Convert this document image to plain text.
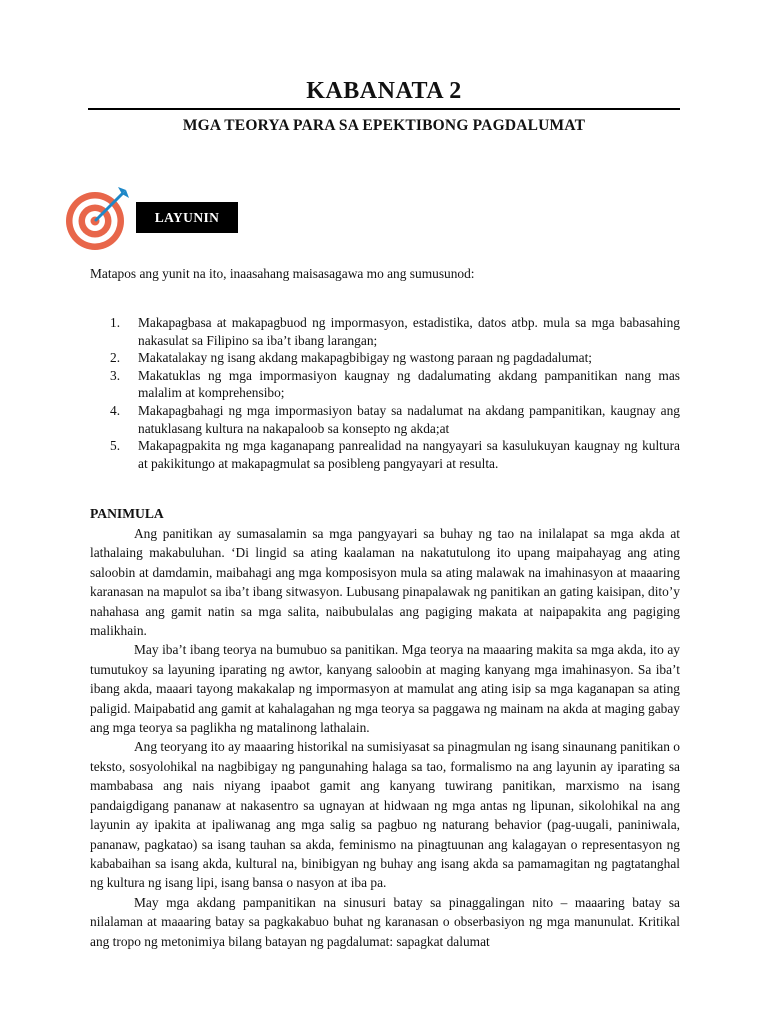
KABANATA 2
MGA TEORYA PARA SA EPEKTIBONG PAGDALUMAT
LAYUNIN
Matapos ang yunit na ito, inaasahang maisasagawa mo ang sumusunod:
1. Makapagbasa at makapagbuod ng impormasyon, estadistika, datos atbp. mula sa mga babasahing nakasulat sa Filipino sa iba’t ibang larangan;
2. Makatalakay ng isang akdang makapagbibigay ng wastong paraan ng pagdadalumat;
3. Makatuklas ng mga impormasiyon kaugnay ng dadalumating akdang pampanitikan nang mas malalim at komprehensibo;
4. Makapagbahagi ng mga impormasiyon batay sa nadalumat na akdang pampanitikan, kaugnay ang natuklasang kultura na nakapaloob sa konsepto ng akda;at
5. Makapagpakita ng mga kaganapang panrealidad na nangyayari sa kasulukuyan kaugnay ng kultura at pakikitungo at makapagmulat sa posibleng pangyayari at resulta.
PANIMULA

Ang panitikan ay sumasalamin sa mga pangyayari sa buhay ng tao na inilalapat sa mga akda at lathalaing makabuluhan. ‘Di lingid sa ating kaalaman na nakatutulong ito upang maipahayag ang ating saloobin at damdamin, maibahagi ang mga komposisyon mula sa ating malawak na imahinasyon at maaaring karanasan na mapulot sa iba’t ibang sitwasyon. Lubusang pinapalawak ng panitikan an gating kaisipan, dito’y nahahasa ang gamit natin sa mga salita, naibubulalas ang pagiging makata at naipapakita ang pagiging malikhain.

May iba’t ibang teorya na bumubuo sa panitikan. Mga teorya na maaaring makita sa mga akda, ito ay tumutukoy sa layuning iparating ng awtor, kanyang saloobin at maging kanyang mga imahinasyon. Sa iba’t ibang akda, maaari tayong makakalap ng impormasyon at mamulat ang ating isip sa mga kaganapan sa ating paligid. Maipabatid ang gamit at kahalagahan ng mga teorya sa paggawa ng mainam na akda at maging gabay ang mga teorya sa paglikha ng matalinong lathalain.

Ang teoryang ito ay maaaring historikal na sumisiyasat sa pinagmulan ng isang sinaunang panitikan o teksto, sosyolohikal na nagbibigay ng pangunahing halaga sa tao, formalismo na ang layunin ay iparating sa mambabasa ang nais niyang ipaabot gamit ang kanyang tuwirang panitikan, marxismo na isang pandaigdigang pananaw at nakasentro sa ugnayan at hidwaan ng mga antas ng lipunan, sikolohikal na ang layunin ay ipakita at ipaliwanag ang mga salig sa pagbuo ng naturang behavior (pag-uugali, paniniwala, pananaw, pagkatao) sa isang tauhan sa akda, feminismo na pinagtuunan ang kalagayan o representasyon ng kababaihan sa isang akda, kultural na, binibigyan ng buhay ang isang akda sa pamamagitan ng pagtatanghal ng kultura ng isang lipi, isang bansa o nasyon at iba pa.

May mga akdang pampanitikan na sinusuri batay sa pinaggalingan nito – maaaring batay sa nilalaman at maaaring batay sa pagkakabuo buhat ng karanasan o obserbasiyon ng mga manunulat. Kritikal ang tropo ng metonimiya bilang batayan ng pagdalumat: sapagkat dalumat
